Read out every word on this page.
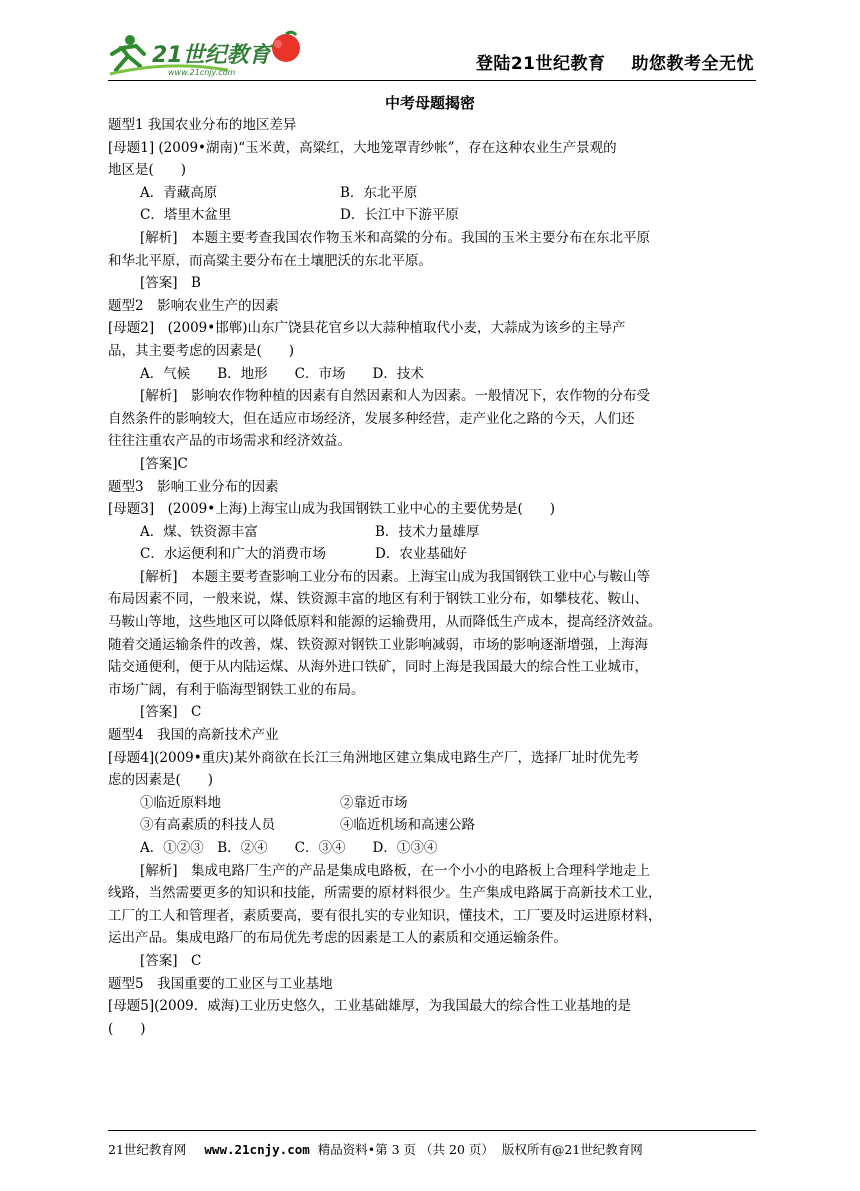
21世纪教育
www.21cnjy.com	登陆21世纪教育 助您教考全无忧
中考母题揭密

题型1 我国农业分布的地区差异

[母题1] (2009•湖南)“玉米黄，高粱红，大地笼罩青纱帐”，存在这种农业生产景观的

地区是(　　)

A．青藏高原	B．东北平原

C．塔里木盆里	D．长江中下游平原

[解析]　本题主要考查我国农作物玉米和高粱的分布。我国的玉米主要分布在东北平原

和华北平原，而高粱主要分布在土壤肥沃的东北平原。

[答案]　B

题型2　影响农业生产的因素

[母题2]　(2009•邯郸)山东广饶县花官乡以大蒜种植取代小麦，大蒜成为该乡的主导产

品，其主要考虑的因素是(　　)

A．气候　　B．地形　　C．市场　　D．技术

[解析]　影响农作物种植的因素有自然因素和人为因素。一般情况下，农作物的分布受

自然条件的影响较大，但在适应市场经济，发展多种经营，走产业化之路的今天，人们还

往往注重农产品的市场需求和经济效益。

[答案]C

题型3　影响工业分布的因素

[母题3]　(2009•上海)上海宝山成为我国钢铁工业中心的主要优势是(　　)

A．煤、铁资源丰富	B．技术力量雄厚

C．水运便利和广大的消费市场	D．农业基础好

[解析]　本题主要考查影响工业分布的因素。上海宝山成为我国钢铁工业中心与鞍山等

布局因素不同，一般来说，煤、铁资源丰富的地区有利于钢铁工业分布，如攀枝花、鞍山、

马鞍山等地，这些地区可以降低原料和能源的运输费用，从而降低生产成本，提高经济效益。

随着交通运输条件的改善，煤、铁资源对钢铁工业影响减弱，市场的影响逐渐增强，上海海

陆交通便利，便于从内陆运煤、从海外进口铁矿，同时上海是我国最大的综合性工业城市，

市场广阔，有利于临海型钢铁工业的布局。

[答案]　C

题型4　我国的高新技术产业

[母题4](2009•重庆)某外商欲在长江三角洲地区建立集成电路生产厂，选择厂址时优先考

虑的因素是(　　)

①临近原料地	②靠近市场

③有高素质的科技人员	④临近机场和高速公路

A．①②③　B．②④　　C．③④　　D．①③④

[解析]　集成电路厂生产的产品是集成电路板，在一个小小的电路板上合理科学地走上

线路，当然需要更多的知识和技能，所需要的原材料很少。生产集成电路属于高新技术工业，

工厂的工人和管理者，素质要高，要有很扎实的专业知识，懂技术，工厂要及时运进原材料，

运出产品。集成电路厂的布局优先考虑的因素是工人的素质和交通运输条件。

[答案]　C

题型5　我国重要的工业区与工业基地

[母题5](2009．威海)工业历史悠久，工业基础雄厚，为我国最大的综合性工业基地的是

(　　)

21世纪教育网 www.21cnjy.com 精品资料•第 3 页 （共 20 页） 版权所有@21世纪教育网
